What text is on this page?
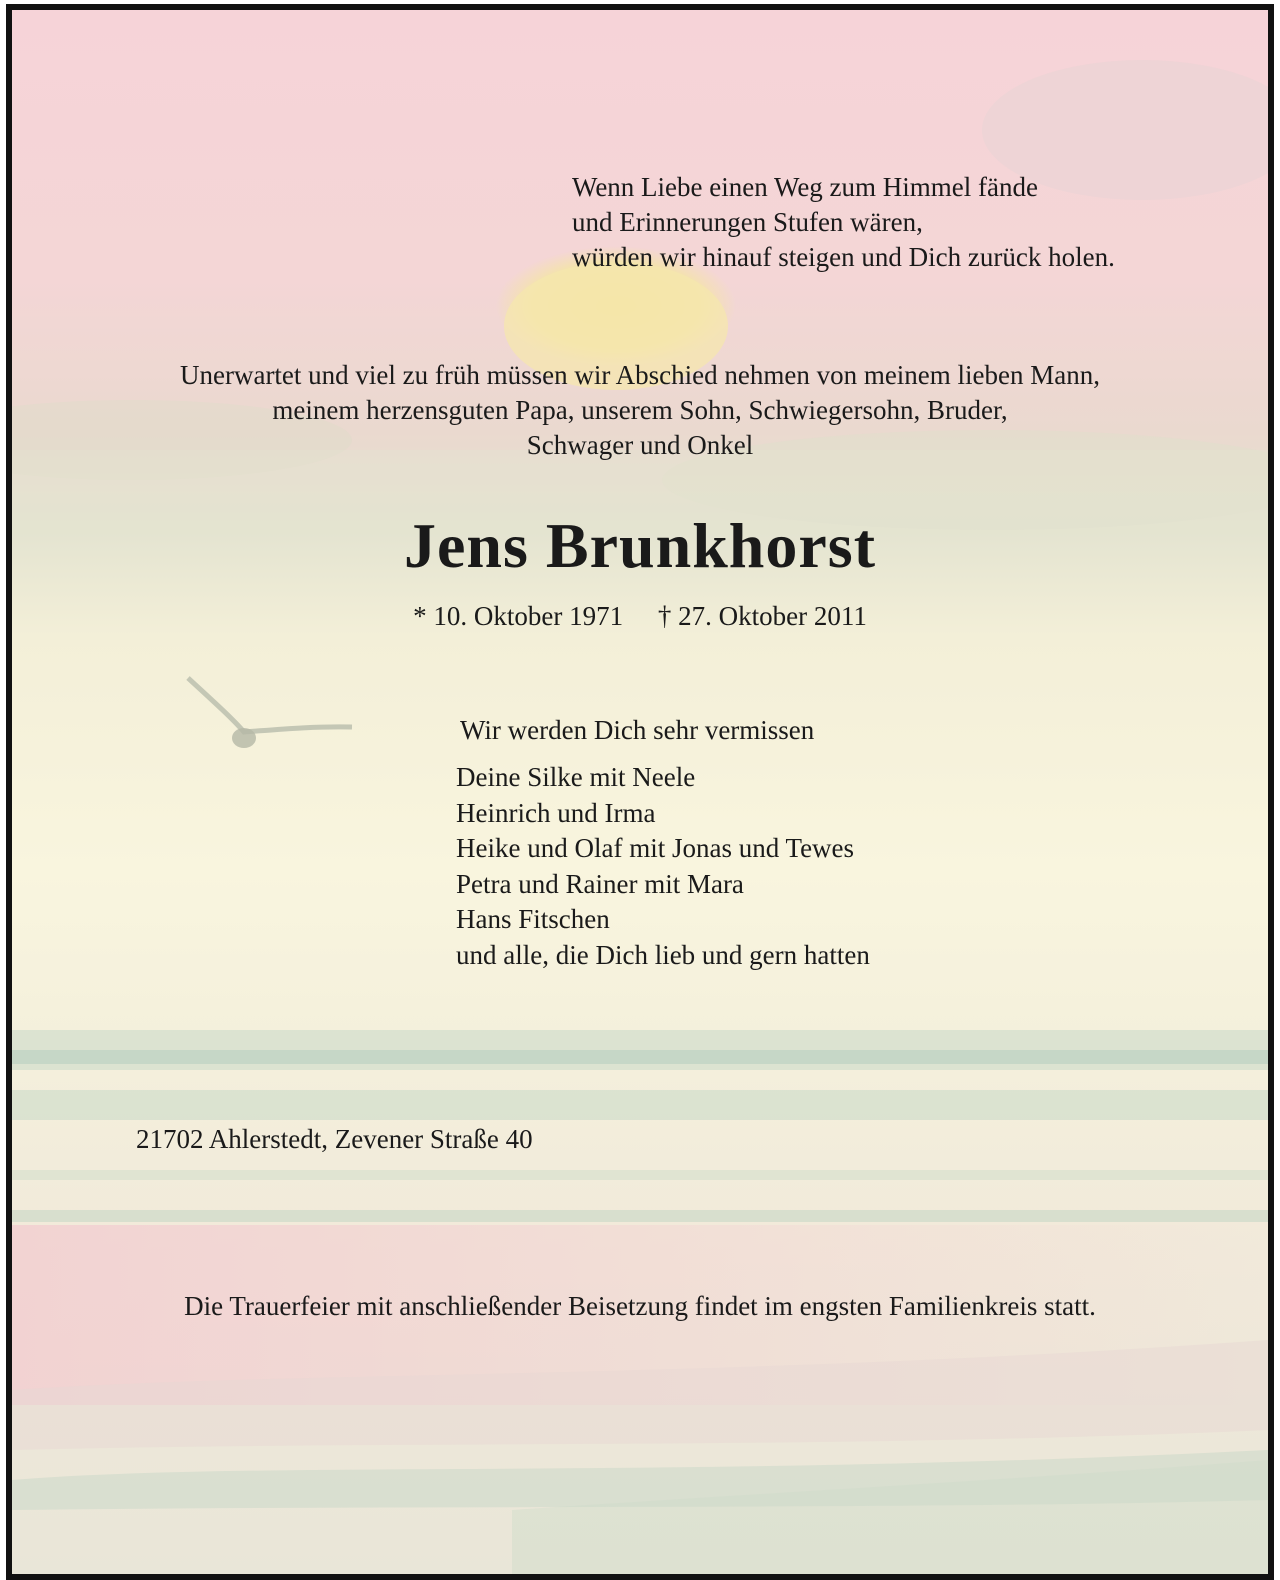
Wenn Liebe einen Weg zum Himmel fände
und Erinnerungen Stufen wären,
würden wir hinauf steigen und Dich zurück holen.
Unerwartet und viel zu früh müssen wir Abschied nehmen von meinem lieben Mann,
meinem herzensguten Papa, unserem Sohn, Schwiegersohn, Bruder,
Schwager und Onkel
Jens Brunkhorst
* 10. Oktober 1971 † 27. Oktober 2011
Wir werden Dich sehr vermissen
Deine Silke mit Neele
Heinrich und Irma
Heike und Olaf mit Jonas und Tewes
Petra und Rainer mit Mara
Hans Fitschen
und alle, die Dich lieb und gern hatten
21702 Ahlerstedt, Zevener Straße 40
Die Trauerfeier mit anschließender Beisetzung findet im engsten Familienkreis statt.
